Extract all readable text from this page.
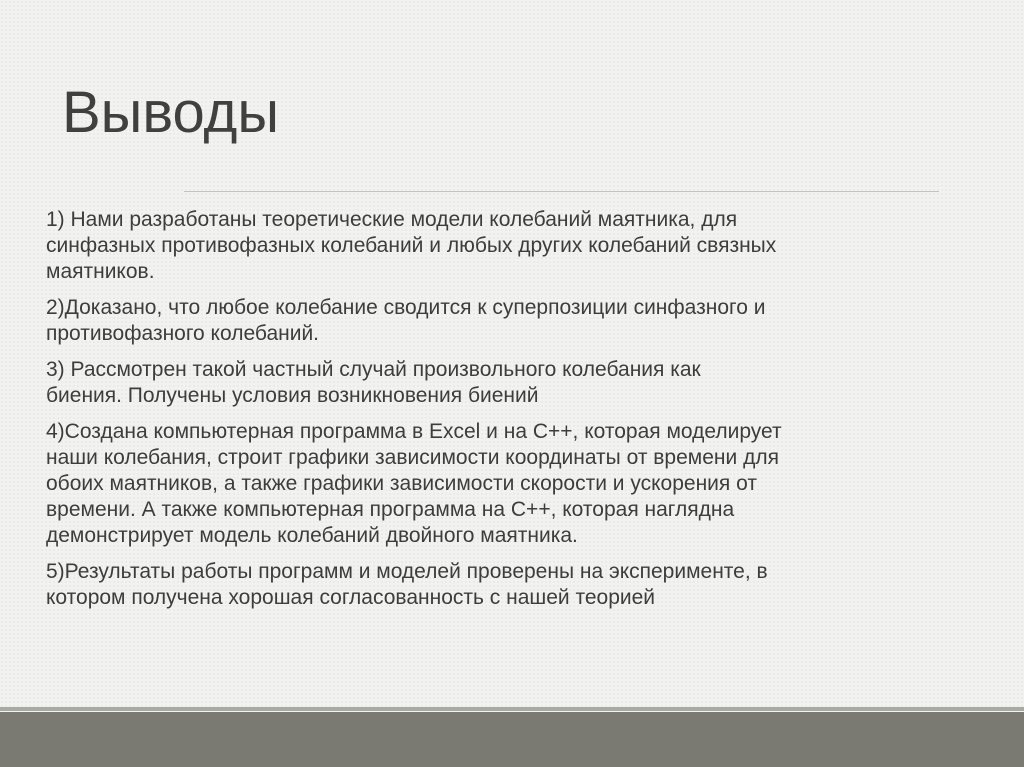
Выводы

1) Нами разработаны теоретические модели колебаний маятника, для
синфазных противофазных колебаний и любых других колебаний связных
маятников.

2)Доказано, что любое колебание сводится к суперпозиции синфазного и
противофазного колебаний.

3) Рассмотрен такой частный случай произвольного колебания как
биения. Получены условия возникновения биений

4)Создана компьютерная программа в Excel и на С++, которая моделирует
наши колебания, строит графики зависимости координаты от времени для
обоих маятников, а также графики зависимости скорости и ускорения от
времени. А также компьютерная программа на С++, которая наглядна
демонстрирует модель колебаний двойного маятника.

5)Результаты работы программ и моделей проверены на эксперименте, в
котором получена хорошая согласованность с нашей теорией
